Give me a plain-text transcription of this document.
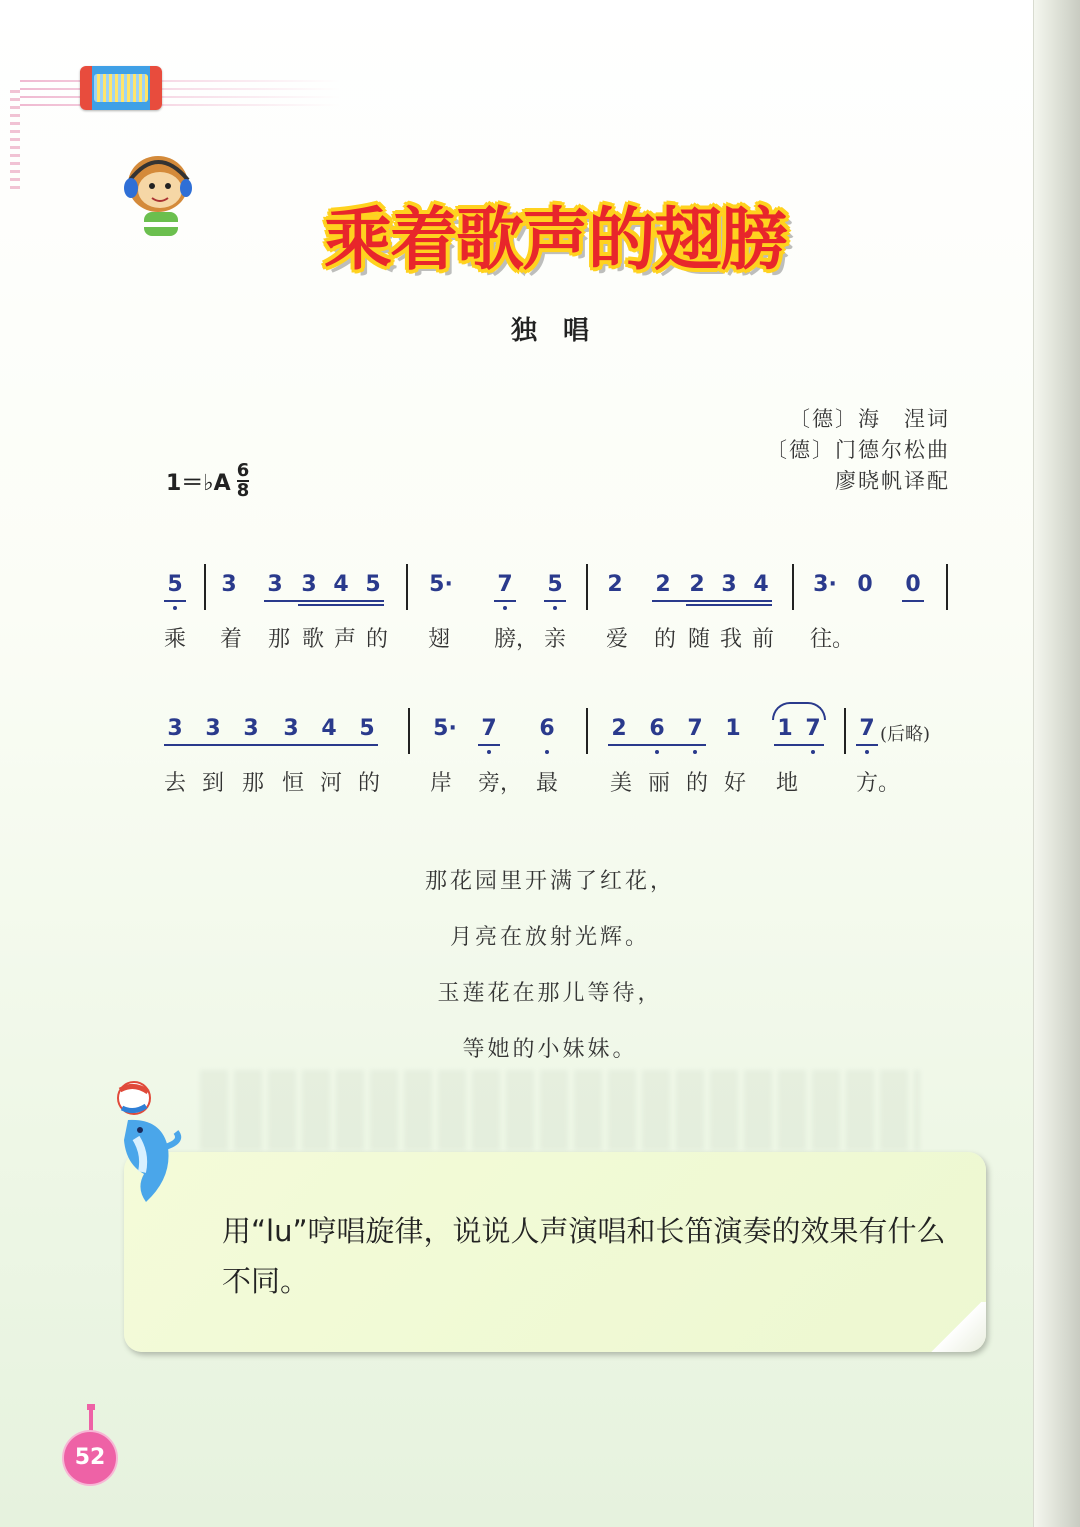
乘着歌声的翅膀
独　唱
〔德〕海　涅词
〔德〕门德尔松曲
廖晓帆译配
1＝♭A $\frac{6}{8}$
5 3 3 3 4 5 5· 7 5 2 2 2 3 4 3· 0 0
乘 着 那 歌 声 的 翅 膀， 亲 爱 的 随 我 前 往。
3 3 3 3 4 5	5· 7 6	2 6 7 1 1 7 7 (后略)
去 到 那 恒 河 的 岸 旁， 最 美 丽 的 好 地	方。
那花园里开满了红花，
月亮在放射光辉。
玉莲花在那儿等待，
等她的小妹妹。
用“lu”哼唱旋律，说说人声演唱和长笛演奏的效果有什么不同。
52
